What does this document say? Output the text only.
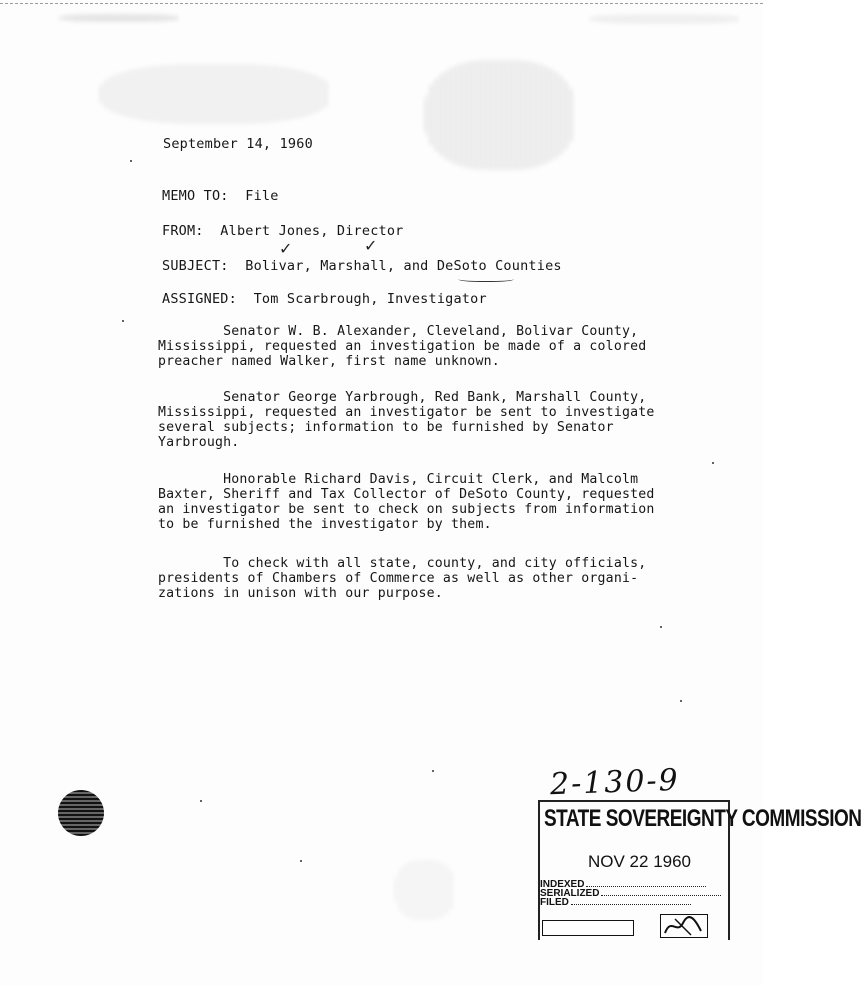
September 14, 1960
MEMO TO:  File
FROM:  Albert Jones, Director
✓	✓
SUBJECT:  Bolivar, Marshall, and DeSoto Counties
ASSIGNED:  Tom Scarbrough, Investigator
Senator W. B. Alexander, Cleveland, Bolivar County,
Mississippi, requested an investigation be made of a colored
preacher named Walker, first name unknown.
Senator George Yarbrough, Red Bank, Marshall County,
Mississippi, requested an investigator be sent to investigate
several subjects; information to be furnished by Senator
Yarbrough.
Honorable Richard Davis, Circuit Clerk, and Malcolm
Baxter, Sheriff and Tax Collector of DeSoto County, requested
an investigator be sent to check on subjects from information
to be furnished the investigator by them.
To check with all state, county, and city officials,
presidents of Chambers of Commerce as well as other organi-
zations in unison with our purpose.
2-130-9
STATE SOVEREIGNTY COMMISSION
NOV 22 1960
INDEXED
SERIALIZED
FILED
